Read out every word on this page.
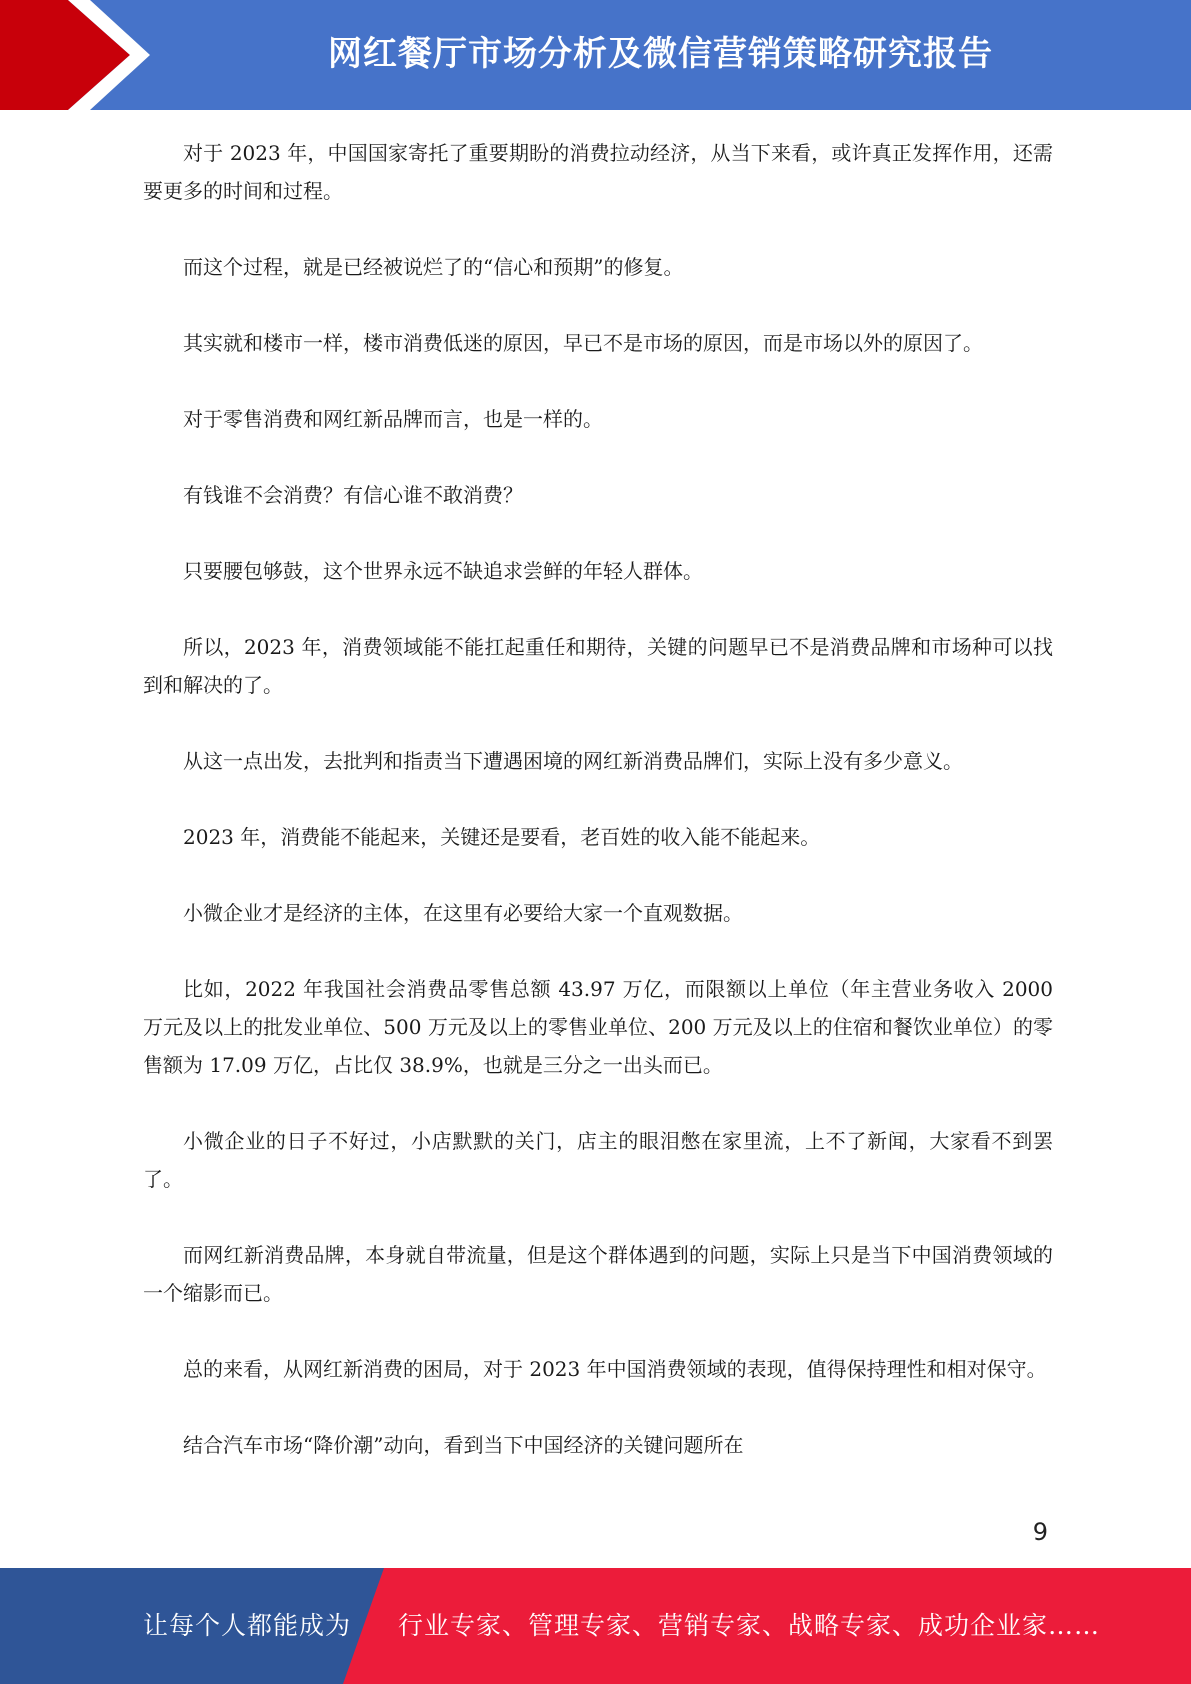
网红餐厅市场分析及微信营销策略研究报告

对于 2023 年，中国国家寄托了重要期盼的消费拉动经济，从当下来看，或许真正发挥作用，还需要更多的时间和过程。

而这个过程，就是已经被说烂了的“信心和预期”的修复。

其实就和楼市一样，楼市消费低迷的原因，早已不是市场的原因，而是市场以外的原因了。

对于零售消费和网红新品牌而言，也是一样的。

有钱谁不会消费？有信心谁不敢消费？

只要腰包够鼓，这个世界永远不缺追求尝鲜的年轻人群体。

所以，2023 年，消费领域能不能扛起重任和期待，关键的问题早已不是消费品牌和市场种可以找到和解决的了。

从这一点出发，去批判和指责当下遭遇困境的网红新消费品牌们，实际上没有多少意义。

2023 年，消费能不能起来，关键还是要看，老百姓的收入能不能起来。

小微企业才是经济的主体，在这里有必要给大家一个直观数据。

比如，2022 年我国社会消费品零售总额 43.97 万亿，而限额以上单位（年主营业务收入 2000 万元及以上的批发业单位、500 万元及以上的零售业单位、200 万元及以上的住宿和餐饮业单位）的零售额为 17.09 万亿，占比仅 38.9%，也就是三分之一出头而已。

小微企业的日子不好过，小店默默的关门，店主的眼泪憋在家里流，上不了新闻，大家看不到罢了。

而网红新消费品牌，本身就自带流量，但是这个群体遇到的问题，实际上只是当下中国消费领域的一个缩影而已。

总的来看，从网红新消费的困局，对于 2023 年中国消费领域的表现，值得保持理性和相对保守。

结合汽车市场“降价潮”动向，看到当下中国经济的关键问题所在

9
让每个人都能成为 行业专家、管理专家、营销专家、战略专家、成功企业家……
